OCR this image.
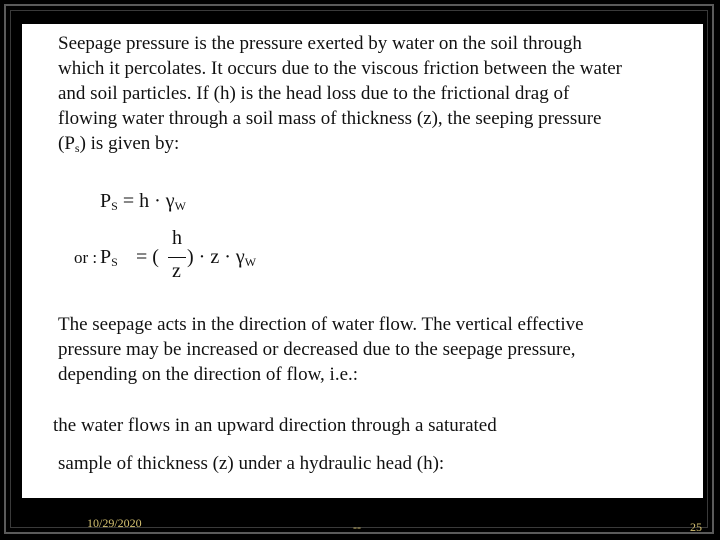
Seepage pressure is the pressure exerted by water on the soil through
which it percolates. It occurs due to the viscous friction between the water
and soil particles. If (h) is the head loss due to the frictional drag of
flowing water through a soil mass of thickness (z), the seeping pressure
$(P_s)$ is given by:
$P_S = h \cdot \gamma_W$
or : $P_S$ = (
h
z
) · $z \cdot \gamma_W$
The seepage acts in the direction of water flow. The vertical effective
pressure may be increased or decreased due to the seepage pressure,
depending on the direction of flow, i.e.:
the water flows in an upward direction through a saturated
sample of thickness (z) under a hydraulic head (h):
10/29/2020	--	25
